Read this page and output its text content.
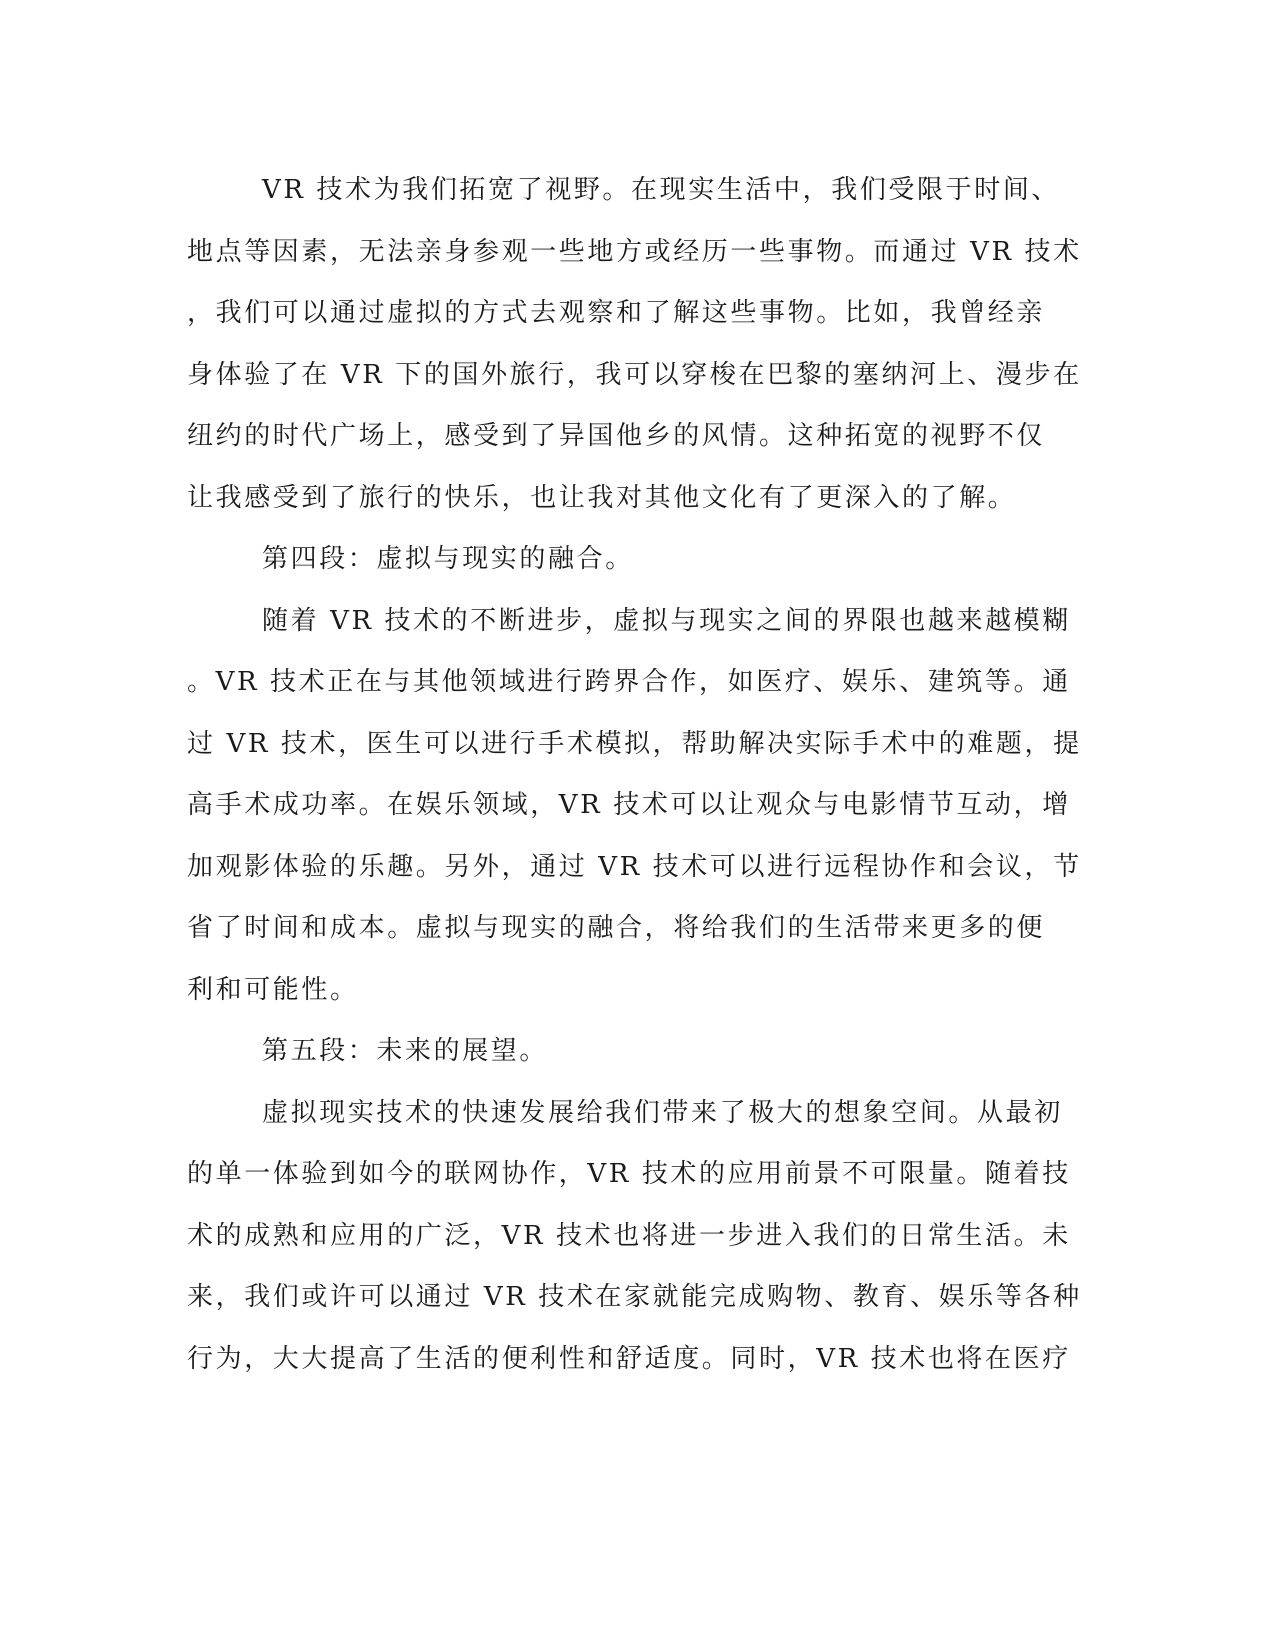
VR 技术为我们拓宽了视野。在现实生活中，我们受限于时间、
地点等因素，无法亲身参观一些地方或经历一些事物。而通过 VR 技术
，我们可以通过虚拟的方式去观察和了解这些事物。比如，我曾经亲
身体验了在 VR 下的国外旅行，我可以穿梭在巴黎的塞纳河上、漫步在
纽约的时代广场上，感受到了异国他乡的风情。这种拓宽的视野不仅
让我感受到了旅行的快乐，也让我对其他文化有了更深入的了解。
第四段：虚拟与现实的融合。
随着 VR 技术的不断进步，虚拟与现实之间的界限也越来越模糊
。VR 技术正在与其他领域进行跨界合作，如医疗、娱乐、建筑等。通
过 VR 技术，医生可以进行手术模拟，帮助解决实际手术中的难题，提
高手术成功率。在娱乐领域，VR 技术可以让观众与电影情节互动，增
加观影体验的乐趣。另外，通过 VR 技术可以进行远程协作和会议，节
省了时间和成本。虚拟与现实的融合，将给我们的生活带来更多的便
利和可能性。
第五段：未来的展望。
虚拟现实技术的快速发展给我们带来了极大的想象空间。从最初
的单一体验到如今的联网协作，VR 技术的应用前景不可限量。随着技
术的成熟和应用的广泛，VR 技术也将进一步进入我们的日常生活。未
来，我们或许可以通过 VR 技术在家就能完成购物、教育、娱乐等各种
行为，大大提高了生活的便利性和舒适度。同时，VR 技术也将在医疗
